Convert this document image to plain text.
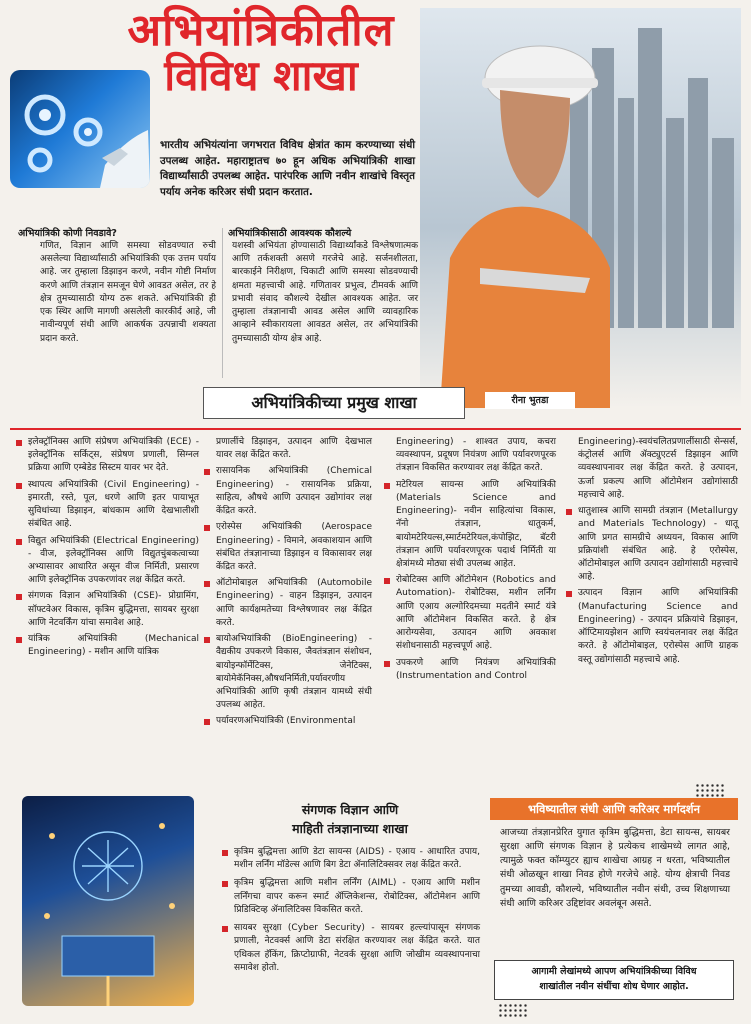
अभियांत्रिकीतील
विविध शाखा
भारतीय अभियंत्यांना जगभरात विविध क्षेत्रांत काम करण्याच्या संधी उपलब्ध आहेत. महाराष्ट्रातच ७० हून अधिक अभियांत्रिकी शाखा विद्यार्थ्यांसाठी उपलब्ध आहेत. पारंपरिक आणि नवीन शाखांचे विस्तृत पर्याय अनेक करिअर संधी प्रदान करतात.
अभियांत्रिकी कोणी निवडावे?
गणित, विज्ञान आणि समस्या सोडवण्यात रुची असलेल्या विद्यार्थ्यांसाठी अभियांत्रिकी एक उत्तम पर्याय आहे. जर तुम्हाला डिझाइन करणे, नवीन गोष्टी निर्माण करणे आणि तंत्रज्ञान समजून घेणे आवडत असेल, तर हे क्षेत्र तुमच्यासाठी योग्य ठरू शकते. अभियांत्रिकी ही एक स्थिर आणि मागणी असलेली कारकीर्द आहे, जी नावीन्यपूर्ण संधी आणि आकर्षक उत्पन्नाची शक्यता प्रदान करते.
अभियांत्रिकीसाठी आवश्यक कौशल्ये
यशस्वी अभियंता होण्यासाठी विद्यार्थ्यांकडे विश्लेषणात्मक आणि तर्कशक्ती असणे गरजेचे आहे. सर्जनशीलता, बारकाईने निरीक्षण, चिकाटी आणि समस्या सोडवण्याची क्षमता महत्त्वाची आहे. गणितावर प्रभुत्व, टीमवर्क आणि प्रभावी संवाद कौशल्ये देखील आवश्यक आहेत. जर तुम्हाला तंत्रज्ञानाची आवड असेल आणि व्यावहारिक आव्हाने स्वीकारायला आवडत असेल, तर अभियांत्रिकी तुमच्यासाठी योग्य क्षेत्र आहे.
रीना भुतडा
अभियांत्रिकीच्या प्रमुख शाखा
इलेक्ट्रॉनिक्स आणि संप्रेषण अभियांत्रिकी (ECE) - इलेक्ट्रॉनिक सर्किट्स, संप्रेषण प्रणाली, सिग्नल प्रक्रिया आणि एम्बेडेड सिस्टम यावर भर देते.
स्थापत्य अभियांत्रिकी (Civil Engineering) - इमारती, रस्ते, पूल, धरणे आणि इतर पायाभूत सुविधांच्या डिझाइन, बांधकाम आणि देखभालीशी संबंधित आहे.
विद्युत अभियांत्रिकी (Electrical Engineering) - वीज, इलेक्ट्रॉनिक्स आणि विद्युतचुंबकत्वाच्या अभ्यासावर आधारित असून वीज निर्मिती, प्रसारण आणि इलेक्ट्रॉनिक उपकरणांवर लक्ष केंद्रित करते.
संगणक विज्ञान अभियांत्रिकी (CSE)- प्रोग्रामिंग, सॉफ्टवेअर विकास, कृत्रिम बुद्धिमत्ता, सायबर सुरक्षा आणि नेटवर्किंग यांचा समावेश आहे.
यांत्रिक अभियांत्रिकी (Mechanical Engineering) - मशीन आणि यांत्रिक
प्रणालींचे डिझाइन, उत्पादन आणि देखभाल यावर लक्ष केंद्रित करते.
रासायनिक अभियांत्रिकी (Chemical Engineering) - रासायनिक प्रक्रिया, साहित्य, औषधे आणि उत्पादन उद्योगांवर लक्ष केंद्रित करते.
एरोस्पेस अभियांत्रिकी (Aerospace Engineering) - विमाने, अवकाशयान आणि संबंधित तंत्रज्ञानाच्या डिझाइन व विकासावर लक्ष केंद्रित करते.
ऑटोमोबाइल अभियांत्रिकी (Automobile Engineering) - वाहन डिझाइन, उत्पादन आणि कार्यक्षमतेच्या विश्लेषणावर लक्ष केंद्रित करते.
बायोअभियांत्रिकी (BioEngineering) - वैद्यकीय उपकरणे विकास, जैवतंत्रज्ञान संशोधन, बायोइन्फॉर्मेटिक्स, जेनेटिक्स, बायोमेकॅनिक्स,औषधनिर्मिती,पर्यावरणीय अभियांत्रिकी आणि कृषी तंत्रज्ञान यामध्ये संधी उपलब्ध आहेत.
पर्यावरणअभियांत्रिकी (Environmental
Engineering) - शाश्वत उपाय, कचरा व्यवस्थापन, प्रदूषण नियंत्रण आणि पर्यावरणपूरक तंत्रज्ञान विकसित करण्यावर लक्ष केंद्रित करते.
मटेरियल सायन्स आणि अभियांत्रिकी (Materials Science and Engineering)- नवीन साहित्यांचा विकास, नॅनो तंत्रज्ञान, धातुकर्म, बायोमटेरियल्स,स्मार्टमटेरियल,कंपोझिट, बॅटरी तंत्रज्ञान आणि पर्यावरणपूरक पदार्थ निर्मिती या क्षेत्रांमध्ये मोठ्या संधी उपलब्ध आहेत.
रोबोटिक्स आणि ऑटोमेशन (Robotics and Automation)- रोबोटिक्स, मशीन लर्निंग आणि एआय अल्गोरिदमच्या मदतीने स्मार्ट यंत्रे आणि ऑटोमेशन विकसित करते. हे क्षेत्र आरोग्यसेवा, उत्पादन आणि अवकाश संशोधनासाठी महत्त्वपूर्ण आहे.
उपकरणे आणि नियंत्रण अभियांत्रिकी (Instrumentation and Control
Engineering)-स्वयंचलितप्रणालींसाठी सेन्सर्स, कंट्रोलर्स आणि ॲक्ट्युएटर्स डिझाइन आणि व्यवस्थापनावर लक्ष केंद्रित करते. हे उत्पादन, ऊर्जा प्रकल्प आणि ऑटोमेशन उद्योगांसाठी महत्त्वाचे आहे.
धातुशास्त्र आणि सामग्री तंत्रज्ञान (Metallurgy and Materials Technology) - धातू आणि प्रगत सामग्रीचे अध्ययन, विकास आणि प्रक्रियांशी संबंधित आहे. हे एरोस्पेस, ऑटोमोबाइल आणि उत्पादन उद्योगांसाठी महत्त्वाचे आहे.
उत्पादन विज्ञान आणि अभियांत्रिकी (Manufacturing Science and Engineering) - उत्पादन प्रक्रियांचे डिझाइन, ऑप्टिमायझेशन आणि स्वयंचलनावर लक्ष केंद्रित करते. हे ऑटोमोबाइल, एरोस्पेस आणि ग्राहक वस्तू उद्योगांसाठी महत्त्वाचे आहे.
संगणक विज्ञान आणि
माहिती तंत्रज्ञानाच्या शाखा
कृत्रिम बुद्धिमत्ता आणि डेटा सायन्स (AIDS) - एआय - आधारित उपाय, मशीन लर्निंग मॉडेल्स आणि बिग डेटा ॲनालिटिक्सवर लक्ष केंद्रित करते.
कृत्रिम बुद्धिमत्ता आणि मशीन लर्निंग (AIML) - एआय आणि मशीन लर्निंगचा वापर करून स्मार्ट ॲप्लिकेशन्स, रोबोटिक्स, ऑटोमेशन आणि प्रिडिक्टिव्ह ॲनालिटिक्स विकसित करते.
सायबर सुरक्षा (Cyber Security) - सायबर हल्ल्यांपासून संगणक प्रणाली, नेटवर्क्स आणि डेटा संरक्षित करण्यावर लक्ष केंद्रित करते. यात एथिकल हॅकिंग, क्रिप्टोग्राफी, नेटवर्क सुरक्षा आणि जोखीम व्यवस्थापनाचा समावेश होतो.
भविष्यातील संधी आणि करिअर मार्गदर्शन
आजच्या तंत्रज्ञानप्रेरित युगात कृत्रिम बुद्धिमत्ता, डेटा सायन्स, सायबर सुरक्षा आणि संगणक विज्ञान हे प्रत्येकच शाखेमध्ये लागत आहे, त्यामुळे फक्त कॉम्प्युटर ह्याच शाखेचा आग्रह न धरता, भविष्यातील संधी ओळखून शाखा निवड होणे गरजेचे आहे. योग्य क्षेत्राची निवड तुमच्या आवडी, कौशल्ये, भविष्यातील नवीन संधी, उच्च शिक्षणाच्या संधी आणि करिअर उद्दिष्टांवर अवलंबून असते.
आगामी लेखांमध्ये आपण अभियांत्रिकीच्या विविध
शाखांतील नवीन संधींचा शोध घेणार आहोत.
